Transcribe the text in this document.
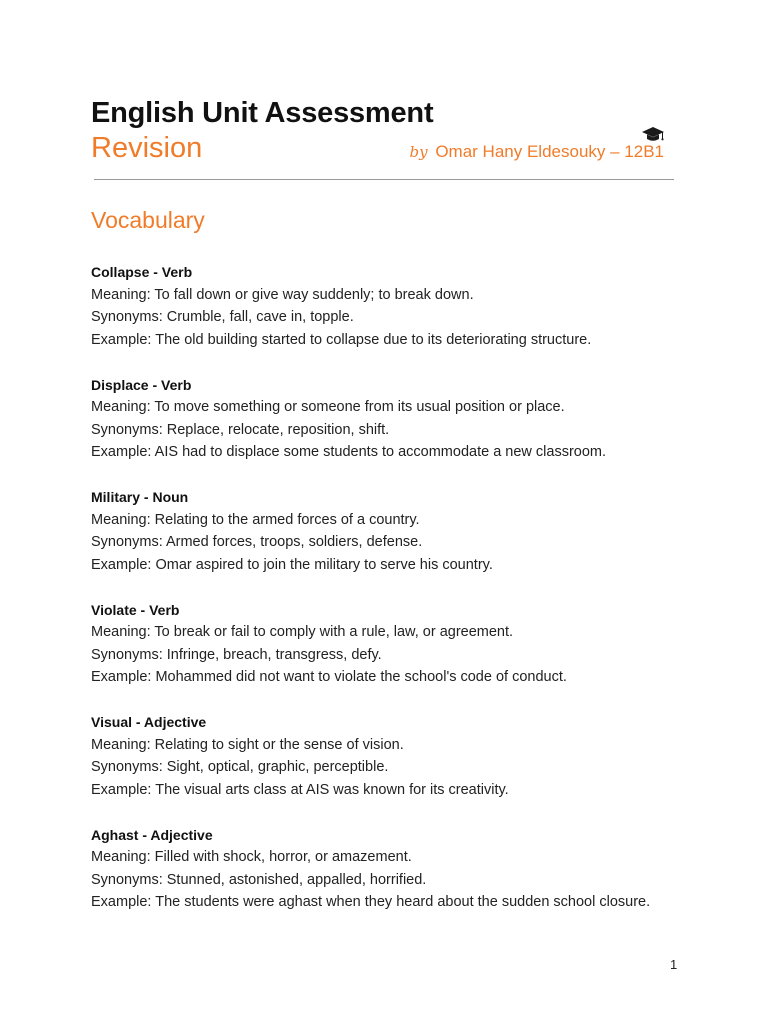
English Unit Assessment
Revision	by Omar Hany Eldesouky – 12B1
Vocabulary
Collapse - Verb
Meaning: To fall down or give way suddenly; to break down.
Synonyms: Crumble, fall, cave in, topple.
Example: The old building started to collapse due to its deteriorating structure.
Displace - Verb
Meaning: To move something or someone from its usual position or place.
Synonyms: Replace, relocate, reposition, shift.
Example: AIS had to displace some students to accommodate a new classroom.
Military - Noun
Meaning: Relating to the armed forces of a country.
Synonyms: Armed forces, troops, soldiers, defense.
Example: Omar aspired to join the military to serve his country.
Violate - Verb
Meaning: To break or fail to comply with a rule, law, or agreement.
Synonyms: Infringe, breach, transgress, defy.
Example: Mohammed did not want to violate the school's code of conduct.
Visual - Adjective
Meaning: Relating to sight or the sense of vision.
Synonyms: Sight, optical, graphic, perceptible.
Example: The visual arts class at AIS was known for its creativity.
Aghast - Adjective
Meaning: Filled with shock, horror, or amazement.
Synonyms: Stunned, astonished, appalled, horrified.
Example: The students were aghast when they heard about the sudden school closure.
1
